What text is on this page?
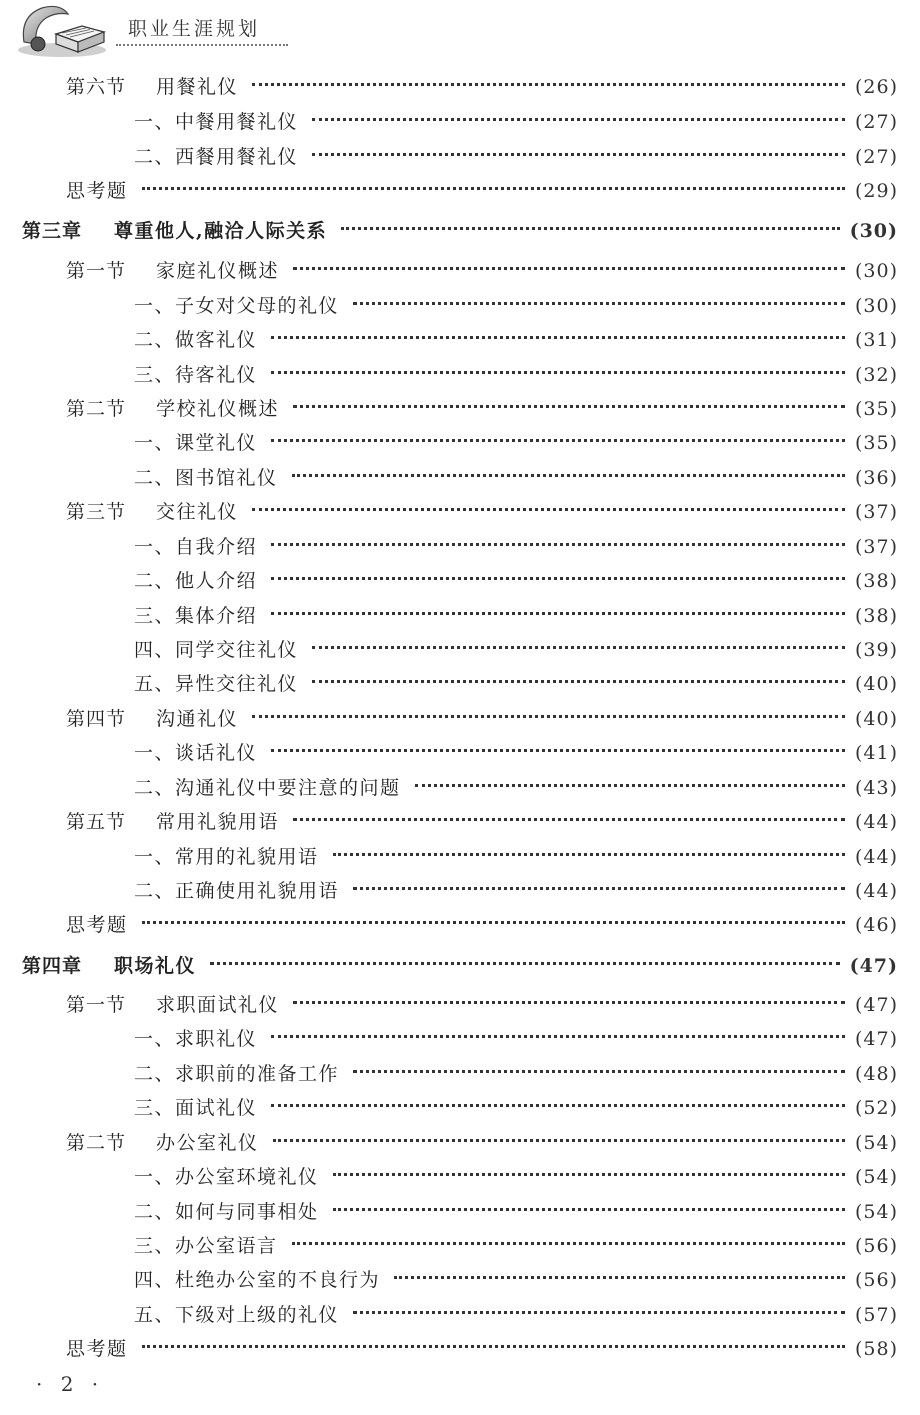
职业生涯规划
第六节	用餐礼仪	(26)
一、中餐用餐礼仪	(27)
二、西餐用餐礼仪	(27)
思考题	(29)
第三章	尊重他人,融洽人际关系	(30)
第一节	家庭礼仪概述	(30)
一、子女对父母的礼仪	(30)
二、做客礼仪	(31)
三、待客礼仪	(32)
第二节	学校礼仪概述	(35)
一、课堂礼仪	(35)
二、图书馆礼仪	(36)
第三节	交往礼仪	(37)
一、自我介绍	(37)
二、他人介绍	(38)
三、集体介绍	(38)
四、同学交往礼仪	(39)
五、异性交往礼仪	(40)
第四节	沟通礼仪	(40)
一、谈话礼仪	(41)
二、沟通礼仪中要注意的问题	(43)
第五节	常用礼貌用语	(44)
一、常用的礼貌用语	(44)
二、正确使用礼貌用语	(44)
思考题	(46)
第四章	职场礼仪	(47)
第一节	求职面试礼仪	(47)
一、求职礼仪	(47)
二、求职前的准备工作	(48)
三、面试礼仪	(52)
第二节	办公室礼仪	(54)
一、办公室环境礼仪	(54)
二、如何与同事相处	(54)
三、办公室语言	(56)
四、杜绝办公室的不良行为	(56)
五、下级对上级的礼仪	(57)
思考题	(58)
· 2 ·
